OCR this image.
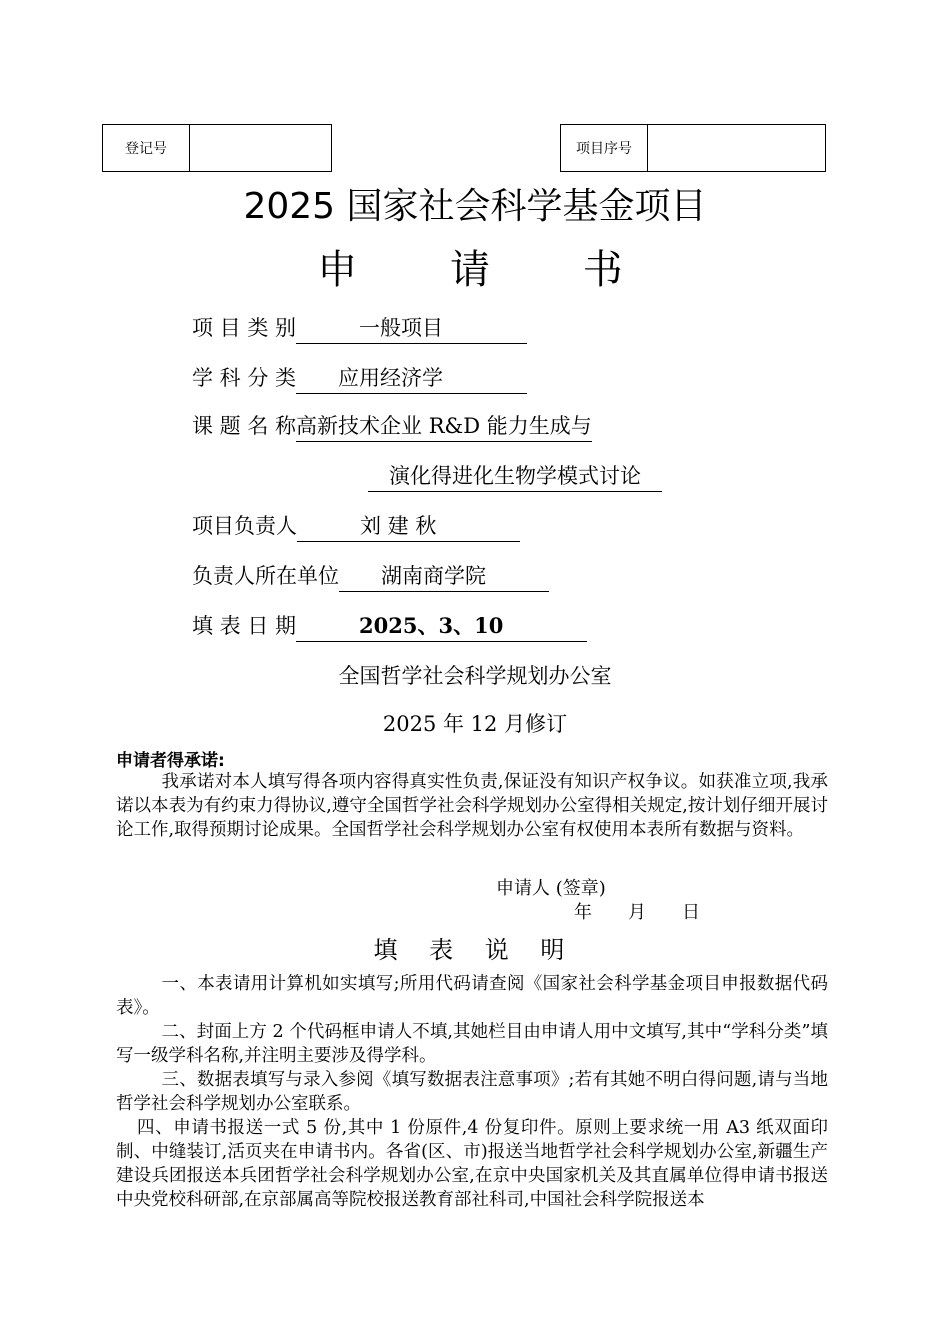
登记号	项目序号
2025 国家社会科学基金项目
申 请 书
项 目 类 别　　　一般项目　　　　
学 科 分 类　　应用经济学　　　　
课 题 名 称高新技术企业 R&D 能力生成与
　演化得进化生物学模式讨论　
项目负责人　　　刘 建 秋　　　　
负责人所在单位　　湖南商学院　　　
填 表 日 期　　　2025、3、10　　　　
全国哲学社会科学规划办公室
2025 年 12 月修订
申请者得承诺:

我承诺对本人填写得各项内容得真实性负责,保证没有知识产权争议。如获准立项,我承诺以本表为有约束力得协议,遵守全国哲学社会科学规划办公室得相关规定,按计划仔细开展讨论工作,取得预期讨论成果。全国哲学社会科学规划办公室有权使用本表所有数据与资料。

申请人 (签章)
年　　月　　日
填 表 说 明

一、本表请用计算机如实填写;所用代码请查阅《国家社会科学基金项目申报数据代码表》。

二、封面上方 2 个代码框申请人不填,其她栏目由申请人用中文填写,其中“学科分类”填写一级学科名称,并注明主要涉及得学科。

三、数据表填写与录入参阅《填写数据表注意事项》;若有其她不明白得问题,请与当地哲学社会科学规划办公室联系。

四、申请书报送一式 5 份,其中 1 份原件,4 份复印件。原则上要求统一用 A3 纸双面印制、中缝装订,活页夹在申请书内。各省(区、市)报送当地哲学社会科学规划办公室,新疆生产建设兵团报送本兵团哲学社会科学规划办公室,在京中央国家机关及其直属单位得申请书报送中央党校科研部,在京部属高等院校报送教育部社科司,中国社会科学院报送本
